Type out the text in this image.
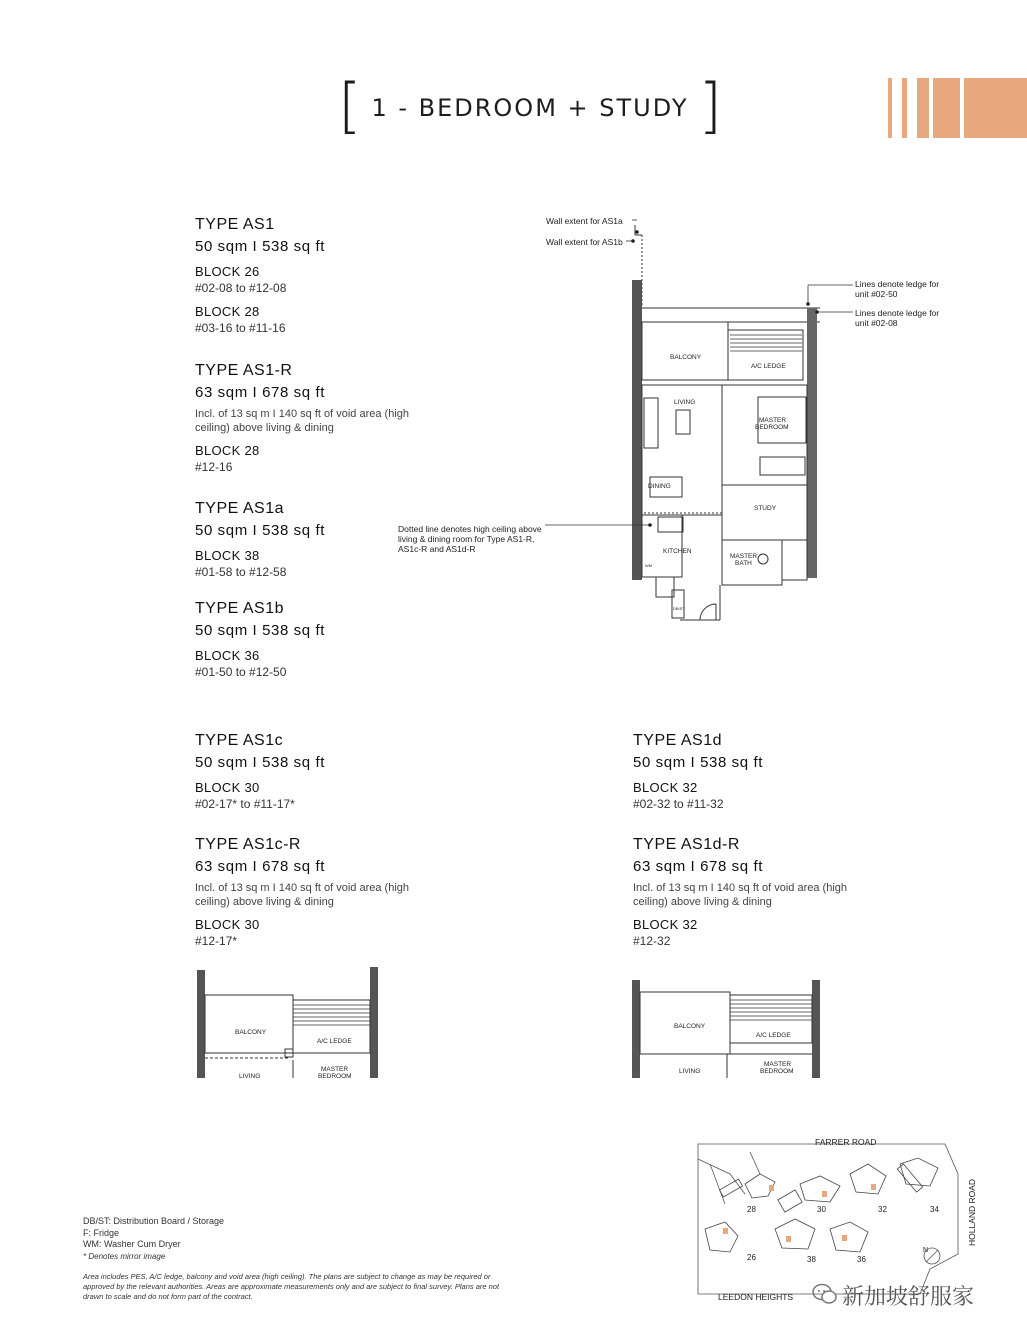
[ 1 - BEDROOM + STUDY ]
TYPE AS1
50 sqm I 538 sq ft
BLOCK 26
#02-08 to #12-08
BLOCK 28
#03-16 to #11-16
TYPE AS1-R
63 sqm I 678 sq ft
Incl. of 13 sq m I 140 sq ft of void area (high ceiling) above living & dining
BLOCK 28
#12-16
TYPE AS1a
50 sqm I 538 sq ft
BLOCK 38
#01-58 to #12-58
TYPE AS1b
50 sqm I 538 sq ft
BLOCK 36
#01-50 to #12-50
TYPE AS1c
50 sqm I 538 sq ft
BLOCK 30
#02-17* to #11-17*
TYPE AS1c-R
63 sqm I 678 sq ft
Incl. of 13 sq m I 140 sq ft of void area (high ceiling) above living & dining
BLOCK 30
#12-17*
TYPE AS1d
50 sqm I 538 sq ft
BLOCK 32
#02-32 to #11-32
TYPE AS1d-R
63 sqm I 678 sq ft
Incl. of 13 sq m I 140 sq ft of void area (high ceiling) above living & dining
BLOCK 32
#12-32
BALCONY
A/C LEDGE
LIVING
MASTER
BEDROOM
DINING
STUDY
KITCHEN
MASTER
BATH
WM
DB/ST
Wall extent for AS1a
Wall extent for AS1b
Lines denote ledge for unit #02-50
Lines denote ledge for unit #02-08
Dotted line denotes high ceiling above living & dining room for Type AS1-R, AS1c-R and AS1d-R
BALCONY
A/C LEDGE
LIVING
MASTER
BEDROOM
BALCONY
A/C LEDGE
LIVING
MASTER
BEDROOM
DB/ST: Distribution Board / Storage
F: Fridge
WM: Washer Cum Dryer
* Denotes mirror image
Area includes PES, A/C ledge, balcony and void area (high ceiling). The plans are subject to change as may be required or approved by the relevant authorities. Areas are approximate measurements only and are subject to final survey. Plans are not drawn to scale and do not form part of the contract.
FARRER ROAD
HOLLAND ROAD
LEEDON HEIGHTS
28	30	32	34
26	38	36
N
新加坡舒服家
